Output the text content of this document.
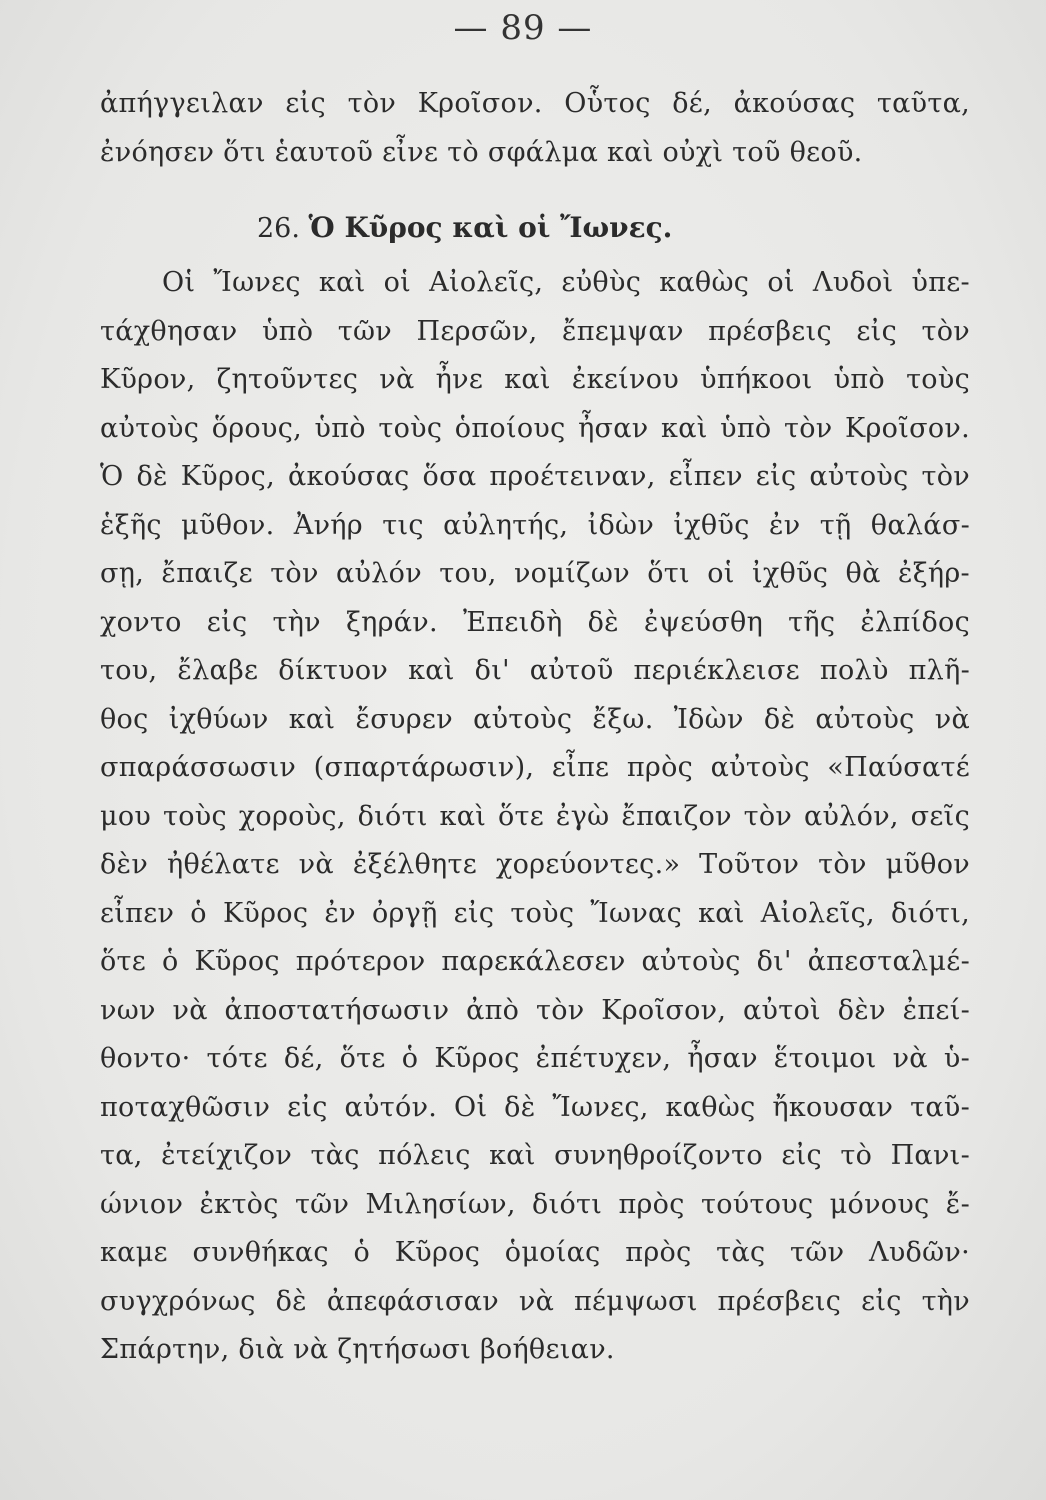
— 89 —
ἀπήγγειλαν εἰς τὸν Κροῖσον. Οὗτος δέ, ἀκούσας ταῦτα,
ἐνόησεν ὅτι ἑαυτοῦ εἶνε τὸ σφάλμα καὶ οὐχὶ τοῦ θεοῦ.
26. Ὁ Κῦρος καὶ οἱ Ἴωνες.
Οἱ Ἴωνες καὶ οἱ Αἰολεῖς, εὐθὺς καθὼς οἱ Λυδοὶ ὑπε-
τάχθησαν ὑπὸ τῶν Περσῶν, ἔπεμψαν πρέσβεις εἰς τὸν
Κῦρον, ζητοῦντες νὰ ἦνε καὶ ἐκείνου ὑπήκοοι ὑπὸ τοὺς
αὐτοὺς ὅρους, ὑπὸ τοὺς ὁποίους ἦσαν καὶ ὑπὸ τὸν Κροῖσον.
Ὁ δὲ Κῦρος, ἀκούσας ὅσα προέτειναν, εἶπεν εἰς αὐτοὺς τὸν
ἑξῆς μῦθον. Ἀνήρ τις αὐλητής, ἰδὼν ἰχθῦς ἐν τῇ θαλάσ-
σῃ, ἔπαιζε τὸν αὐλόν του, νομίζων ὅτι οἱ ἰχθῦς θὰ ἐξήρ-
χοντο εἰς τὴν ξηράν. Ἐπειδὴ δὲ ἐψεύσθη τῆς ἐλπίδος
του, ἔλαβε δίκτυον καὶ δι' αὐτοῦ περιέκλεισε πολὺ πλῆ-
θος ἰχθύων καὶ ἔσυρεν αὐτοὺς ἔξω. Ἰδὼν δὲ αὐτοὺς νὰ
σπαράσσωσιν (σπαρτάρωσιν), εἶπε πρὸς αὐτοὺς «Παύσατέ
μου τοὺς χοροὺς, διότι καὶ ὅτε ἐγὼ ἔπαιζον τὸν αὐλόν, σεῖς
δὲν ἠθέλατε νὰ ἐξέλθητε χορεύοντες.» Τοῦτον τὸν μῦθον
εἶπεν ὁ Κῦρος ἐν ὀργῇ εἰς τοὺς Ἴωνας καὶ Αἰολεῖς, διότι,
ὅτε ὁ Κῦρος πρότερον παρεκάλεσεν αὐτοὺς δι' ἀπεσταλμέ-
νων νὰ ἀποστατήσωσιν ἀπὸ τὸν Κροῖσον, αὐτοὶ δὲν ἐπεί-
θοντο· τότε δέ, ὅτε ὁ Κῦρος ἐπέτυχεν, ἦσαν ἕτοιμοι νὰ ὑ-
ποταχθῶσιν εἰς αὐτόν. Οἱ δὲ Ἴωνες, καθὼς ἤκουσαν ταῦ-
τα, ἐτείχιζον τὰς πόλεις καὶ συνηθροίζοντο εἰς τὸ Πανι-
ώνιον ἐκτὸς τῶν Μιλησίων, διότι πρὸς τούτους μόνους ἔ-
καμε συνθήκας ὁ Κῦρος ὁμοίας πρὸς τὰς τῶν Λυδῶν·
συγχρόνως δὲ ἀπεφάσισαν νὰ πέμψωσι πρέσβεις εἰς τὴν
Σπάρτην, διὰ νὰ ζητήσωσι βοήθειαν.
